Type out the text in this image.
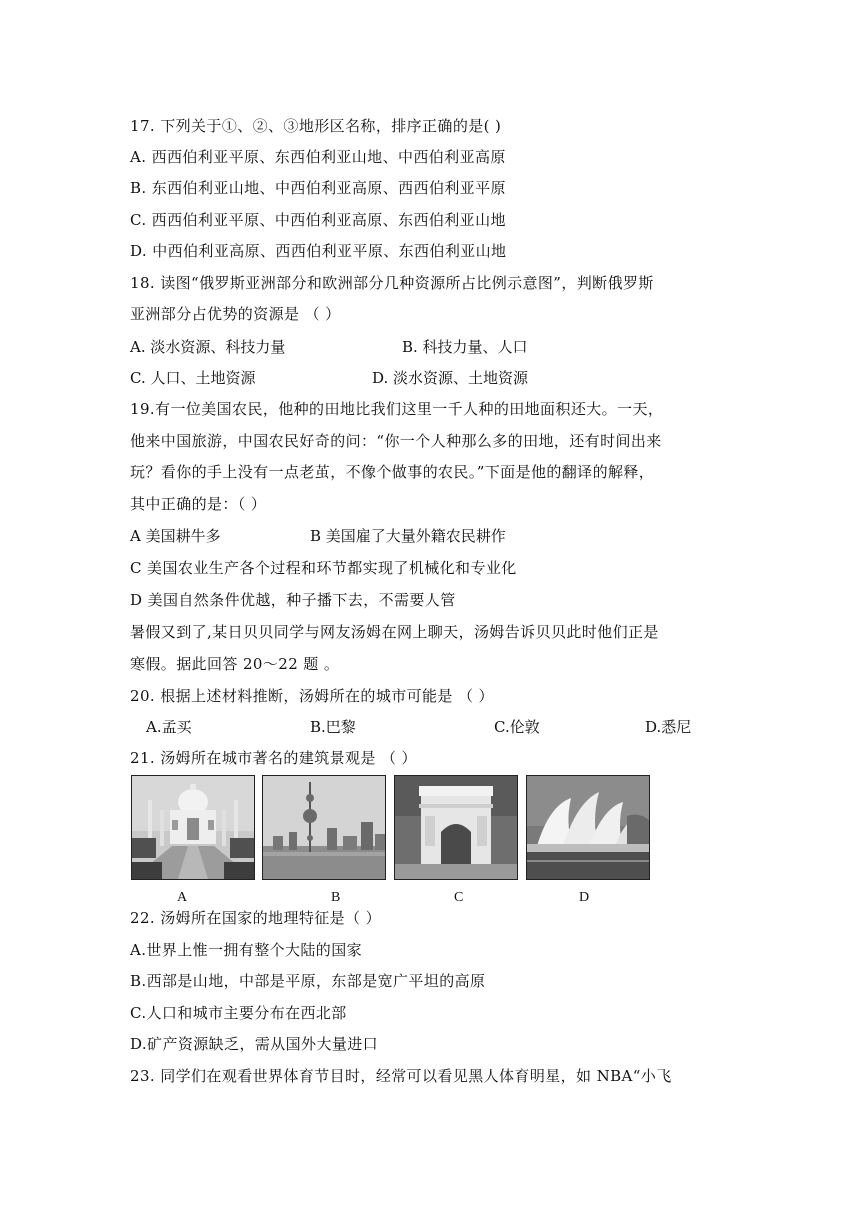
17. 下列关于①、②、③地形区名称，排序正确的是( )
A. 西西伯利亚平原、东西伯利亚山地、中西伯利亚高原
B. 东西伯利亚山地、中西伯利亚高原、西西伯利亚平原
C. 西西伯利亚平原、中西伯利亚高原、东西伯利亚山地
D. 中西伯利亚高原、西西伯利亚平原、东西伯利亚山地
18. 读图“俄罗斯亚洲部分和欧洲部分几种资源所占比例示意图”，判断俄罗斯
亚洲部分占优势的资源是 （ ）
A. 淡水资源、科技力量	B. 科技力量、人口
C. 人口、土地资源	D. 淡水资源、土地资源
19.有一位美国农民，他种的田地比我们这里一千人种的田地面积还大。一天，
他来中国旅游，中国农民好奇的问：“你一个人种那么多的田地，还有时间出来
玩？看你的手上没有一点老茧，不像个做事的农民。”下面是他的翻译的解释，
其中正确的是：（ ）
A 美国耕牛多	B 美国雇了大量外籍农民耕作
C 美国农业生产各个过程和环节都实现了机械化和专业化
D 美国自然条件优越，种子播下去，不需要人管
暑假又到了,某日贝贝同学与网友汤姆在网上聊天，汤姆告诉贝贝此时他们正是
寒假。据此回答 20～22 题 。
20. 根据上述材料推断，汤姆所在的城市可能是 （ ）
A.孟买	B.巴黎	C.伦敦	D.悉尼
21. 汤姆所在城市著名的建筑景观是 （ ）
A	B	C	D
22. 汤姆所在国家的地理特征是（ ）
A.世界上惟一拥有整个大陆的国家
B.西部是山地，中部是平原，东部是宽广平坦的高原
C.人口和城市主要分布在西北部
D.矿产资源缺乏，需从国外大量进口
23. 同学们在观看世界体育节目时，经常可以看见黑人体育明星，如 NBA“小飞
